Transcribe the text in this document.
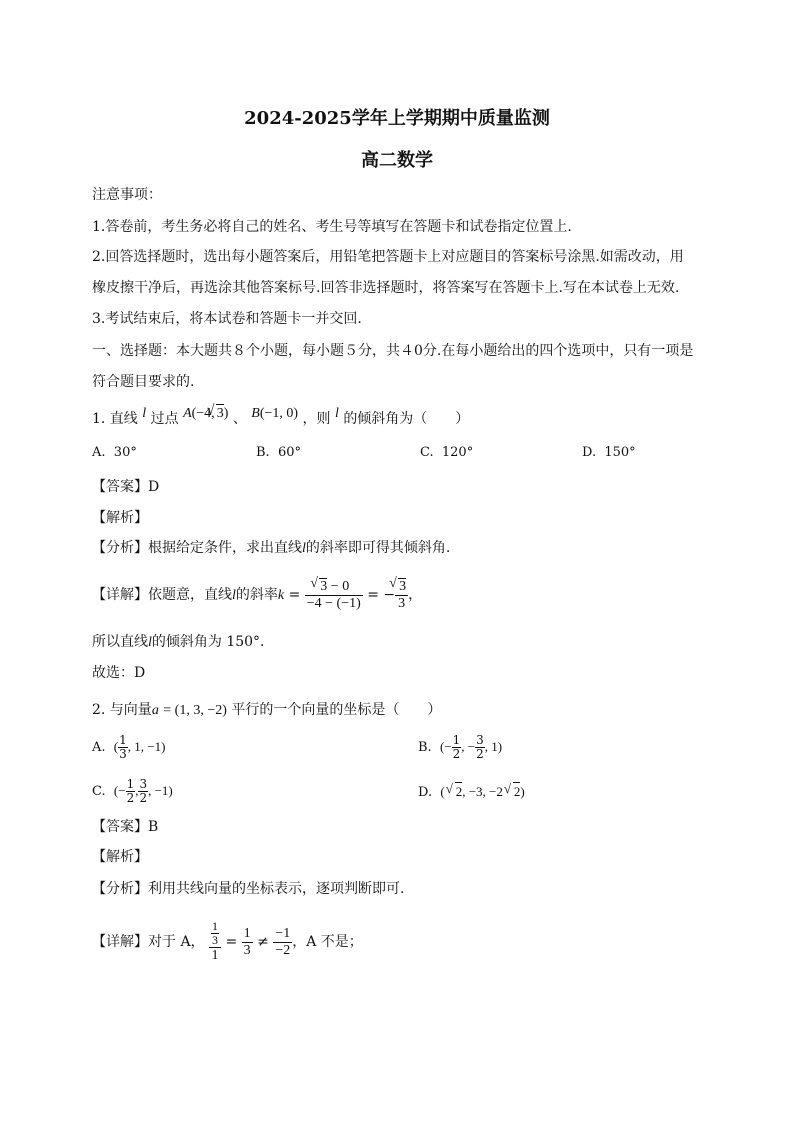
2024-2025学年上学期期中质量监测
高二数学
注意事项：
1.答卷前，考生务必将自己的姓名、考生号等填写在答题卡和试卷指定位置上.
2.回答选择题时，选出每小题答案后，用铅笔把答题卡上对应题目的答案标号涂黑.如需改动，用
橡皮擦干净后，再选涂其他答案标号.回答非选择题时，将答案写在答题卡上.写在本试卷上无效.
3.考试结束后，将本试卷和答题卡一并交回.
一、选择题：本大题共８个小题，每小题５分，共４0分.在每小题给出的四个选项中，只有一项是
符合题目要求的.
1. 直线 l 过点 A(−4, √ 3) 、 B(−1, 0) ，则 l 的倾斜角为（　　）
A. 30°	B. 60°	C. 120°	D. 150°
【答案】D
【解析】
【分析】根据给定条件，求出直线l的斜率即可得其倾斜角.
【详解】依题意，直线l的斜率k = √ $\frac{3 - 0}{-4 - (-1)}$ = − √ $\frac{3}{3}$ ，
所以直线l的倾斜角为 150°．
故选：D
2. 与向量a = (1, 3, −2) 平行的一个向量的坐标是（　　）
A. ( $\frac{1}{3}$ , 1, −1)	B. (− $\frac{1}{2}$ , − $\frac{3}{2}$ , 1)
C. (− $\frac{1}{2}$ , $\frac{3}{2}$ , −1)	D. ( √ 2, −3, −2 √ 2)
【答案】B
【解析】
【分析】利用共线向量的坐标表示，逐项判断即可.
【详解】对于 A， $\frac{\frac{1}{3}}{1} = \frac{1}{3} \ne \frac{-1}{-2}$ ，A 不是；
